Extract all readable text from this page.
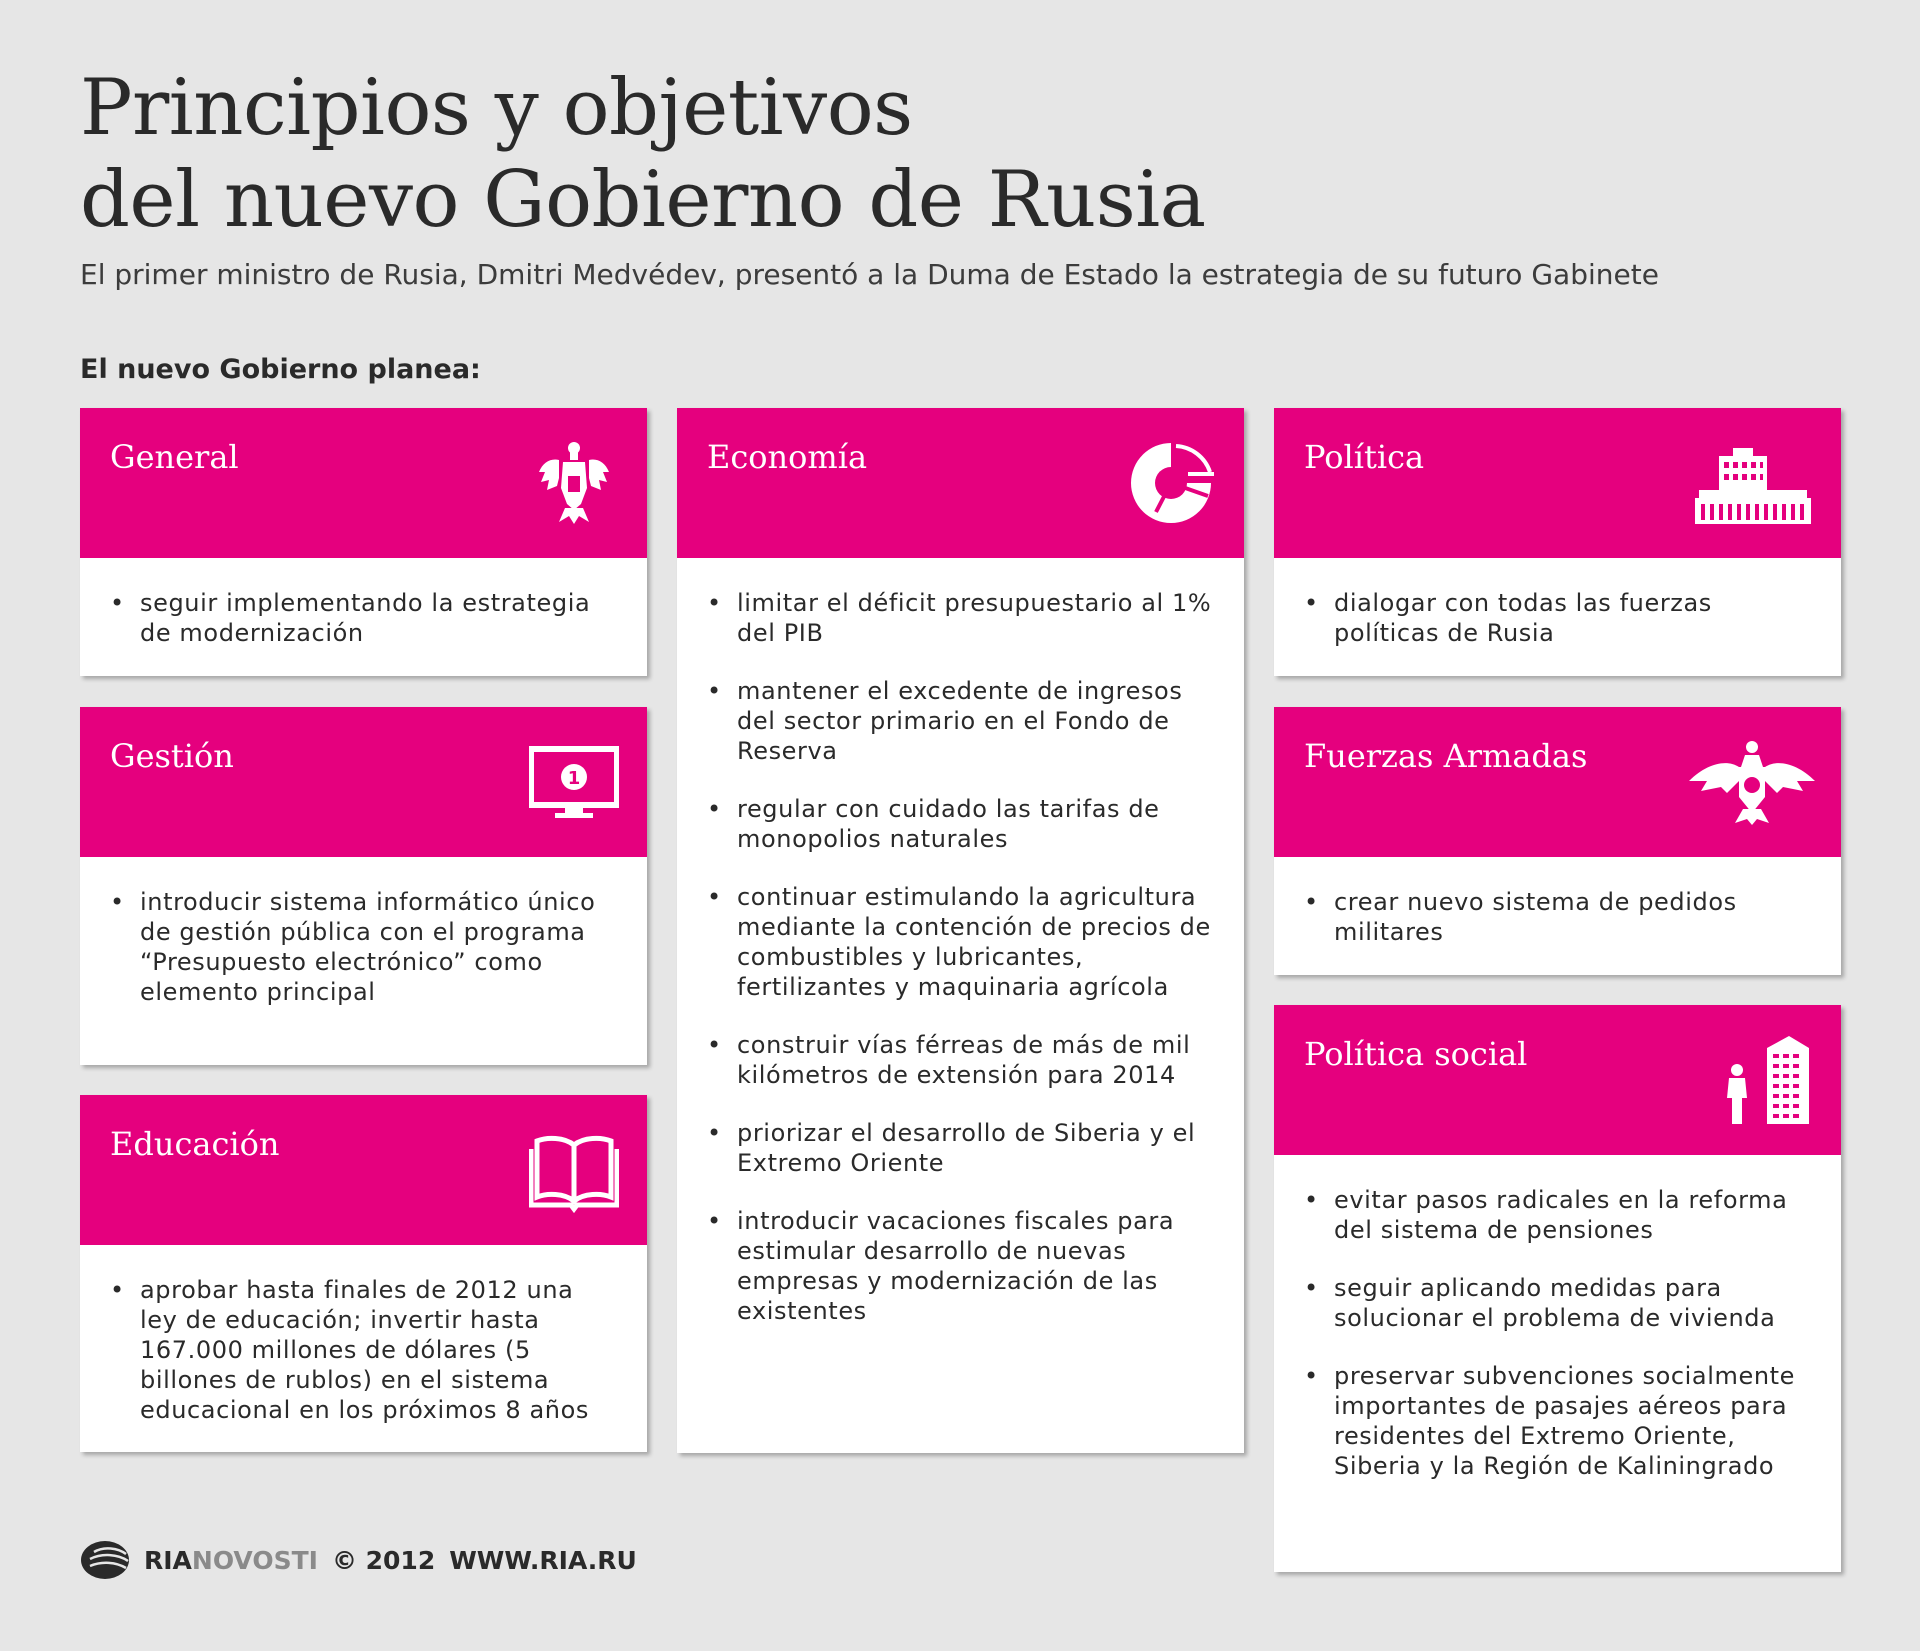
Principios y objetivos
del nuevo Gobierno de Rusia

El primer ministro de Rusia, Dmitri Medvédev, presentó a la Duma de Estado la estrategia de su futuro Gabinete

El nuevo Gobierno planea:

General
• seguir implementando la estrategia de modernización
Gestión
1
• introducir sistema informático único de gestión pública con el programa “Presupuesto electrónico” como elemento principal
Educación
• aprobar hasta finales de 2012 una ley de educación; invertir hasta 167.000 millones de dólares (5 billones de rublos) en el sistema educacional en los próximos 8 años
Economía
• limitar el déficit presupuestario al 1% del PIB
• mantener el excedente de ingresos del sector primario en el Fondo de Reserva
• regular con cuidado las tarifas de monopolios naturales
• continuar estimulando la agricultura mediante la contención de precios de combustibles y lubricantes, fertilizantes y maquinaria agrícola
• construir vías férreas de más de mil kilómetros de extensión para 2014
• priorizar el desarrollo de Siberia y el Extremo Oriente
• introducir vacaciones fiscales para estimular desarrollo de nuevas empresas y modernización de las existentes
Política
• dialogar con todas las fuerzas políticas de Rusia
Fuerzas Armadas
• crear nuevo sistema de pedidos militares
Política social
• evitar pasos radicales en la reforma del sistema de pensiones
• seguir aplicando medidas para solucionar el problema de vivienda
• preservar subvenciones socialmente importantes de pasajes aéreos para residentes del Extremo Oriente, Siberia y la Región de Kaliningrado
RIANOVOSTI © 2012 WWW.RIA.RU
